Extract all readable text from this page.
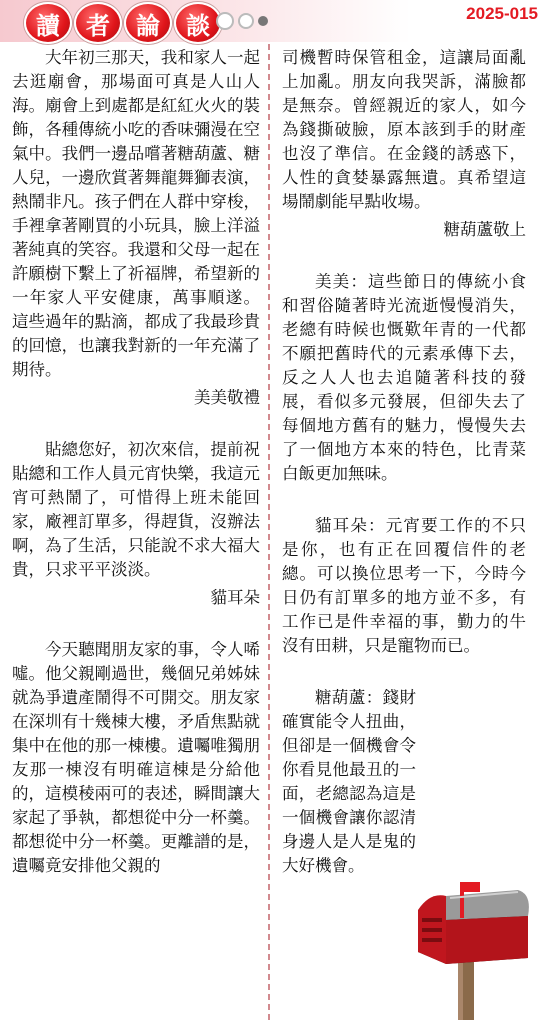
讀	者	論	談	2025-015

大年初三那天，我和家人一起去逛廟會，那場面可真是人山人海。廟會上到處都是紅紅火火的裝飾，各種傳統小吃的香味彌漫在空氣中。我們一邊品嚐著糖葫蘆、糖人兒，一邊欣賞著舞龍舞獅表演，熱鬧非凡。孩子們在人群中穿梭，手裡拿著剛買的小玩具，臉上洋溢著純真的笑容。我還和父母一起在許願樹下繫上了祈福牌，希望新的一年家人平安健康，萬事順遂。 這些過年的點滴，都成了我最珍貴的回憶，也讓我對新的一年充滿了期待。

美美敬禮

貼總您好，初次來信，提前祝貼總和工作人員元宵快樂，我這元宵可熱鬧了，可惜得上班未能回家，廠裡訂單多，得趕貨，沒辦法啊，為了生活，只能說不求大福大貴，只求平平淡淡。

貓耳朵

今天聽聞朋友家的事，令人唏噓。他父親剛過世，幾個兄弟姊妹就為爭遺產鬧得不可開交。朋友家在深圳有十幾棟大樓，矛盾焦點就集中在他的那一棟樓。遺囑唯獨朋友那一棟沒有明確這棟是分給他的，這模稜兩可的表述，瞬間讓大家起了爭執，都想從中分一杯羹。都想從中分一杯羹。更離譜的是，遺囑竟安排他父親的

司機暫時保管租金，這讓局面亂上加亂。朋友向我哭訴，滿臉都是無奈。曾經親近的家人，如今為錢撕破臉，原本該到手的財產也沒了準信。在金錢的誘惑下，人性的貪婪暴露無遺。真希望這場鬧劇能早點收場。

糖葫蘆敬上

美美：這些節日的傳統小食和習俗隨著時光流逝慢慢消失，老總有時候也慨歎年青的一代都不願把舊時代的元素承傳下去，反之人人也去追隨著科技的發展，看似多元發展，但卻失去了每個地方舊有的魅力，慢慢失去了一個地方本來的特色，比青菜白飯更加無味。

貓耳朵：元宵要工作的不只是你，也有正在回覆信件的老總。可以換位思考一下，今時今日仍有訂單多的地方並不多，有工作已是件幸福的事，勤力的牛沒有田耕，只是寵物而已。

糖葫蘆：錢財確實能令人扭曲，但卻是一個機會令你看見他最丑的一面，老總認為這是一個機會讓你認清身邊人是人是鬼的大好機會。
